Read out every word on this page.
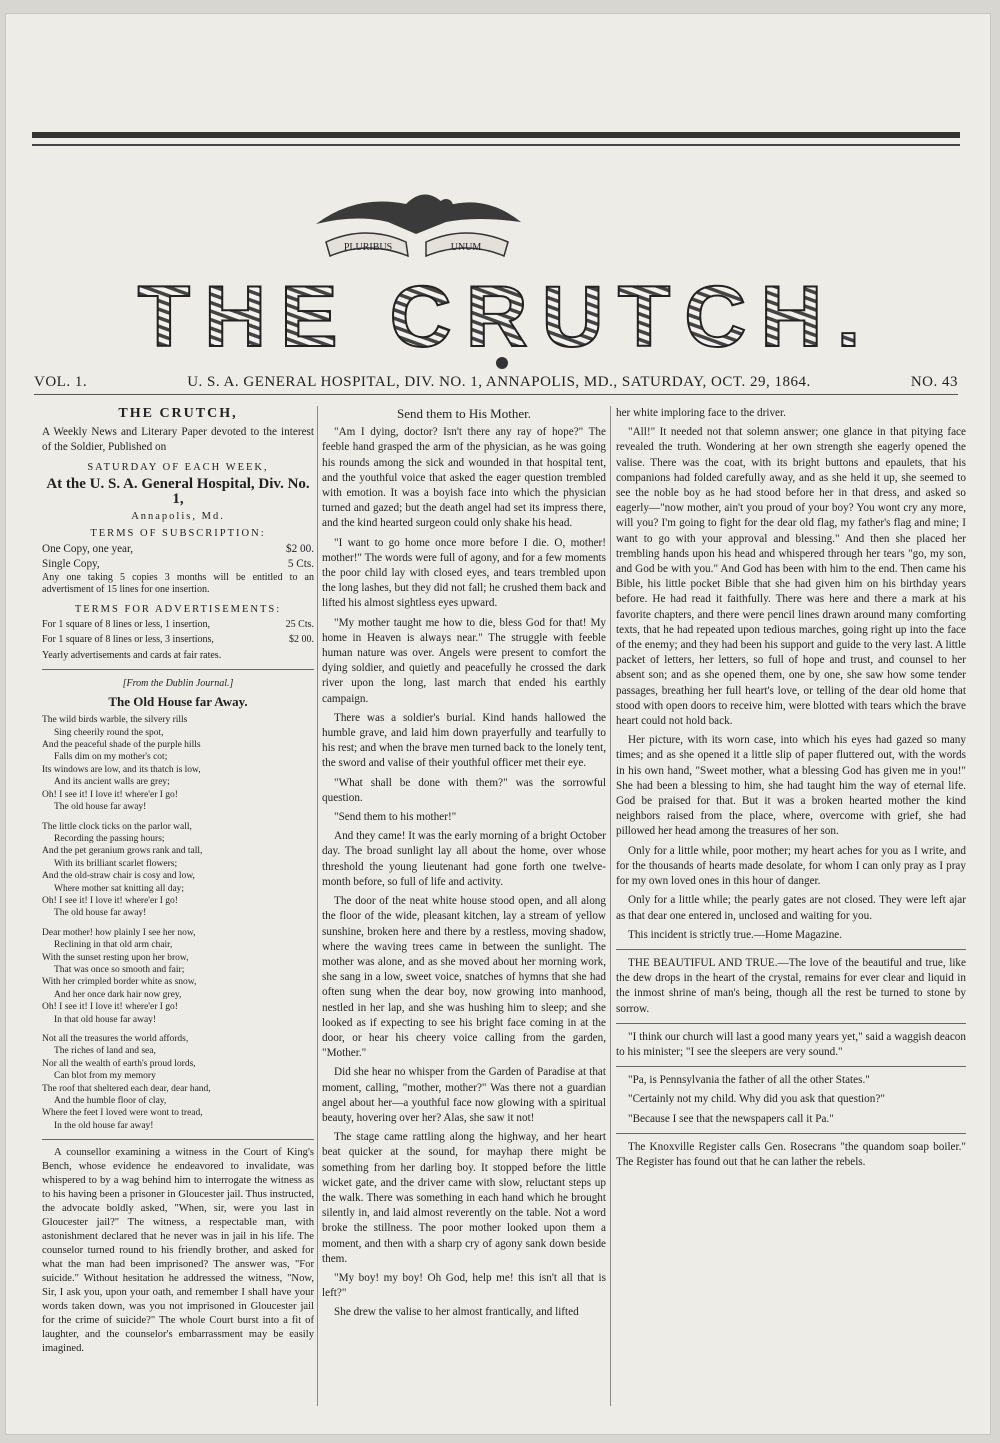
PLURIBUS	UNUM
THE CRUTCH.
VOL. 1.	U. S. A. GENERAL HOSPITAL, DIV. NO. 1, ANNAPOLIS, MD., SATURDAY, OCT. 29, 1864.	NO. 43
THE CRUTCH,

A Weekly News and Literary Paper devoted to the interest of the Soldier, Published on

SATURDAY OF EACH WEEK,
At the U. S. A. General Hospital, Div. No. 1,
Annapolis, Md.
TERMS OF SUBSCRIPTION:
One Copy, one year,	$2 00.
Single Copy,	5 Cts.
Any one taking 5 copies 3 months will be entitled to an advertisment of 15 lines for one insertion.
TERMS FOR ADVERTISEMENTS:
For 1 square of 8 lines or less, 1 insertion,	25 Cts.
For 1 square of 8 lines or less, 3 insertions,	$2 00.
Yearly advertisements and cards at fair rates.
[From the Dublin Journal.]
The Old House far Away.
The wild birds warble, the silvery rills
Sing cheerily round the spot,
And the peaceful shade of the purple hills
Falls dim on my mother's cot;
Its windows are low, and its thatch is low,
And its ancient walls are grey;
Oh! I see it! I love it! where'er I go!
The old house far away!
The little clock ticks on the parlor wall,
Recording the passing hours;
And the pet geranium grows rank and tall,
With its brilliant scarlet flowers;
And the old-straw chair is cosy and low,
Where mother sat knitting all day;
Oh! I see it! I love it! where'er I go!
The old house far away!
Dear mother! how plainly I see her now,
Reclining in that old arm chair,
With the sunset resting upon her brow,
That was once so smooth and fair;
With her crimpled border white as snow,
And her once dark hair now grey,
Oh! I see it! I love it! where'er I go!
In that old house far away!
Not all the treasures the world affords,
The riches of land and sea,
Nor all the wealth of earth's proud lords,
Can blot from my memory
The roof that sheltered each dear, dear hand,
And the humble floor of clay,
Where the feet I loved were wont to tread,
In the old house far away!

A counsellor examining a witness in the Court of King's Bench, whose evidence he endeavored to invalidate, was whispered to by a wag behind him to interrogate the witness as to his having been a prisoner in Gloucester jail. Thus instructed, the advocate boldly asked, "When, sir, were you last in Gloucester jail?" The witness, a respectable man, with astonishment declared that he never was in jail in his life. The counselor turned round to his friendly brother, and asked for what the man had been imprisoned? The answer was, "For suicide." Without hesitation he addressed the witness, "Now, Sir, I ask you, upon your oath, and remember I shall have your words taken down, was you not imprisoned in Gloucester jail for the crime of suicide?" The whole Court burst into a fit of laughter, and the counselor's embarrassment may be easily imagined.

Send them to His Mother.

"Am I dying, doctor? Isn't there any ray of hope?" The feeble hand grasped the arm of the physician, as he was going his rounds among the sick and wounded in that hospital tent, and the youthful voice that asked the eager question trembled with emotion. It was a boyish face into which the physician turned and gazed; but the death angel had set its impress there, and the kind hearted surgeon could only shake his head.

"I want to go home once more before I die. O, mother! mother!" The words were full of agony, and for a few moments the poor child lay with closed eyes, and tears trembled upon the long lashes, but they did not fall; he crushed them back and lifted his almost sightless eyes upward.

"My mother taught me how to die, bless God for that! My home in Heaven is always near." The struggle with feeble human nature was over. Angels were present to comfort the dying soldier, and quietly and peacefully he crossed the dark river upon the long, last march that ended his earthly campaign.

There was a soldier's burial. Kind hands hallowed the humble grave, and laid him down prayerfully and tearfully to his rest; and when the brave men turned back to the lonely tent, the sword and valise of their youthful officer met their eye.

"What shall be done with them?" was the sorrowful question.

"Send them to his mother!"

And they came! It was the early morning of a bright October day. The broad sunlight lay all about the home, over whose threshold the young lieutenant had gone forth one twelve-month before, so full of life and activity.

The door of the neat white house stood open, and all along the floor of the wide, pleasant kitchen, lay a stream of yellow sunshine, broken here and there by a restless, moving shadow, where the waving trees came in between the sunlight. The mother was alone, and as she moved about her morning work, she sang in a low, sweet voice, snatches of hymns that she had often sung when the dear boy, now growing into manhood, nestled in her lap, and she was hushing him to sleep; and she looked as if expecting to see his bright face coming in at the door, or hear his cheery voice calling from the garden, "Mother."

Did she hear no whisper from the Garden of Paradise at that moment, calling, "mother, mother?" Was there not a guardian angel about her—a youthful face now glowing with a spiritual beauty, hovering over her? Alas, she saw it not!

The stage came rattling along the highway, and her heart beat quicker at the sound, for mayhap there might be something from her darling boy. It stopped before the little wicket gate, and the driver came with slow, reluctant steps up the walk. There was something in each hand which he brought silently in, and laid almost reverently on the table. Not a word broke the stillness. The poor mother looked upon them a moment, and then with a sharp cry of agony sank down beside them.

"My boy! my boy! Oh God, help me! this isn't all that is left?"

She drew the valise to her almost frantically, and lifted

her white imploring face to the driver.

"All!" It needed not that solemn answer; one glance in that pitying face revealed the truth. Wondering at her own strength she eagerly opened the valise. There was the coat, with its bright buttons and epaulets, that his companions had folded carefully away, and as she held it up, she seemed to see the noble boy as he had stood before her in that dress, and asked so eagerly—"now mother, ain't you proud of your boy? You wont cry any more, will you? I'm going to fight for the dear old flag, my father's flag and mine; I want to go with your approval and blessing." And then she placed her trembling hands upon his head and whispered through her tears "go, my son, and God be with you." And God has been with him to the end. Then came his Bible, his little pocket Bible that she had given him on his birthday years before. He had read it faithfully. There was here and there a mark at his favorite chapters, and there were pencil lines drawn around many comforting texts, that he had repeated upon tedious marches, going right up into the face of the enemy; and they had been his support and guide to the very last. A little packet of letters, her letters, so full of hope and trust, and counsel to her absent son; and as she opened them, one by one, she saw how some tender passages, breathing her full heart's love, or telling of the dear old home that stood with open doors to receive him, were blotted with tears which the brave heart could not hold back.

Her picture, with its worn case, into which his eyes had gazed so many times; and as she opened it a little slip of paper fluttered out, with the words in his own hand, "Sweet mother, what a blessing God has given me in you!" She had been a blessing to him, she had taught him the way of eternal life. God be praised for that. But it was a broken hearted mother the kind neighbors raised from the place, where, overcome with grief, she had pillowed her head among the treasures of her son.

Only for a little while, poor mother; my heart aches for you as I write, and for the thousands of hearts made desolate, for whom I can only pray as I pray for my own loved ones in this hour of danger.

Only for a little while; the pearly gates are not closed. They were left ajar as that dear one entered in, unclosed and waiting for you.

This incident is strictly true.—Home Magazine.

THE BEAUTIFUL AND TRUE.—The love of the beautiful and true, like the dew drops in the heart of the crystal, remains for ever clear and liquid in the inmost shrine of man's being, though all the rest be turned to stone by sorrow.

"I think our church will last a good many years yet," said a waggish deacon to his minister; "I see the sleepers are very sound."

"Pa, is Pennsylvania the father of all the other States."

"Certainly not my child. Why did you ask that question?"

"Because I see that the newspapers call it Pa."

The Knoxville Register calls Gen. Rosecrans "the quandom soap boiler." The Register has found out that he can lather the rebels.
